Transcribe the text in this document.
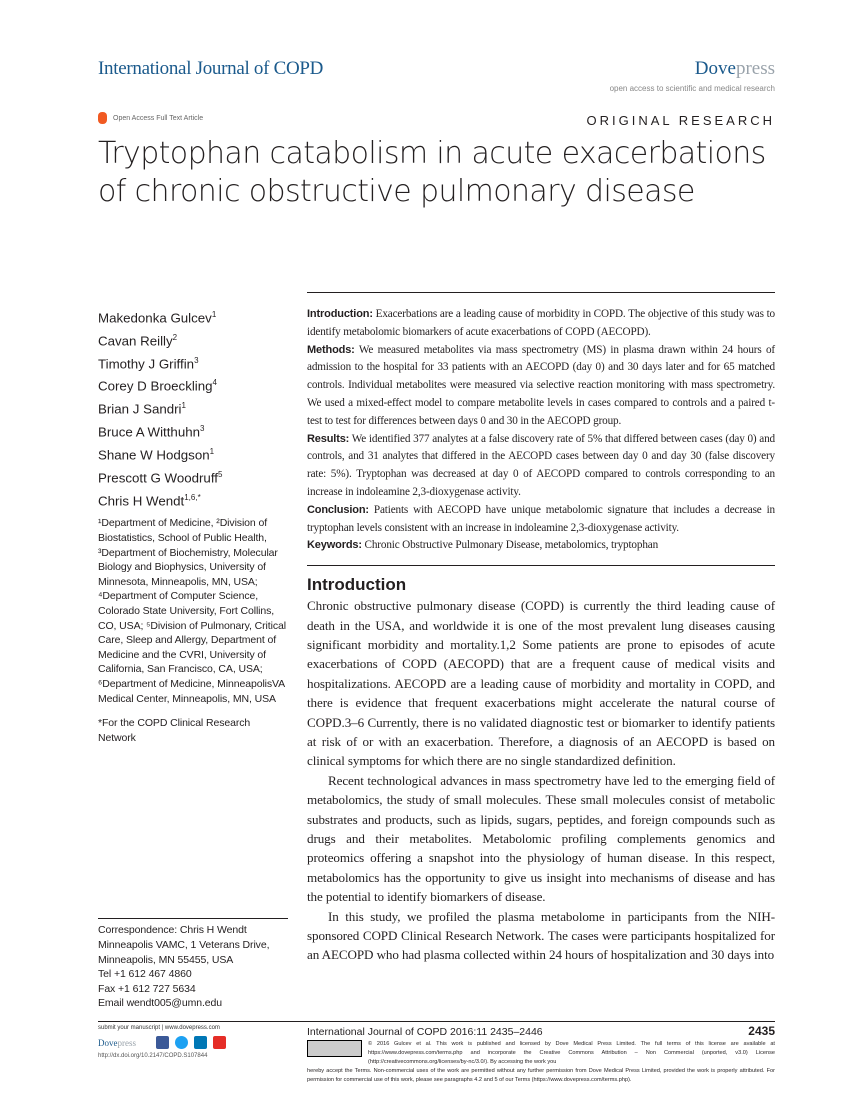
International Journal of COPD	Dovepress
open access to scientific and medical research
Open Access Full Text Article	ORIGINAL RESEARCH
Tryptophan catabolism in acute exacerbations of chronic obstructive pulmonary disease
Makedonka Gulcev$^1$
Cavan Reilly$^2$
Timothy J Griffin$^3$
Corey D Broeckling$^4$
Brian J Sandri$^1$
Bruce A Witthuhn$^3$
Shane W Hodgson$^1$
Prescott G Woodruff$^5$
Chris H Wendt$^{1,6,*}$
¹Department of Medicine, ²Division of Biostatistics, School of Public Health, ³Department of Biochemistry, Molecular Biology and Biophysics, University of Minnesota, Minneapolis, MN, USA; ⁴Department of Computer Science, Colorado State University, Fort Collins, CO, USA; ⁵Division of Pulmonary, Critical Care, Sleep and Allergy, Department of Medicine and the CVRI, University of California, San Francisco, CA, USA; ⁶Department of Medicine, MinneapolisVA Medical Center, Minneapolis, MN, USA
*For the COPD Clinical Research Network
Correspondence: Chris H Wendt
Minneapolis VAMC, 1 Veterans Drive,
Minneapolis, MN 55455, USA
Tel +1 612 467 4860
Fax +1 612 727 5634
Email wendt005@umn.edu

Introduction: Exacerbations are a leading cause of morbidity in COPD. The objective of this study was to identify metabolomic biomarkers of acute exacerbations of COPD (AECOPD).

Methods: We measured metabolites via mass spectrometry (MS) in plasma drawn within 24 hours of admission to the hospital for 33 patients with an AECOPD (day 0) and 30 days later and for 65 matched controls. Individual metabolites were measured via selective reaction monitoring with mass spectrometry. We used a mixed-effect model to compare metabolite levels in cases compared to controls and a paired t-test to test for differences between days 0 and 30 in the AECOPD group.

Results: We identified 377 analytes at a false discovery rate of 5% that differed between cases (day 0) and controls, and 31 analytes that differed in the AECOPD cases between day 0 and day 30 (false discovery rate: 5%). Tryptophan was decreased at day 0 of AECOPD compared to controls corresponding to an increase in indoleamine 2,3-dioxygenase activity.

Conclusion: Patients with AECOPD have unique metabolomic signature that includes a decrease in tryptophan levels consistent with an increase in indoleamine 2,3-dioxygenase activity.

Keywords: Chronic Obstructive Pulmonary Disease, metabolomics, tryptophan

Introduction

Chronic obstructive pulmonary disease (COPD) is currently the third leading cause of death in the USA, and worldwide it is one of the most prevalent lung diseases causing significant morbidity and mortality.1,2 Some patients are prone to episodes of acute exacerbations of COPD (AECOPD) that are a frequent cause of medical visits and hospitalizations. AECOPD are a leading cause of morbidity and mortality in COPD, and there is evidence that frequent exacerbations might accelerate the natural course of COPD.3–6 Currently, there is no validated diagnostic test or biomarker to identify patients at risk of or with an exacerbation. Therefore, a diagnosis of an AECOPD is based on clinical symptoms for which there are no single standardized definition.

Recent technological advances in mass spectrometry have led to the emerging field of metabolomics, the study of small molecules. These small molecules consist of metabolic substrates and products, such as lipids, sugars, peptides, and foreign compounds such as drugs and their metabolites. Metabolomic profiling complements genomics and proteomics offering a snapshot into the physiology of human disease. In this respect, metabolomics has the opportunity to give us insight into mechanisms of disease and has the potential to identify biomarkers of disease.

In this study, we profiled the plasma metabolome in participants from the NIH-sponsored COPD Clinical Research Network. The cases were participants hospitalized for an AECOPD who had plasma collected within 24 hours of hospitalization and 30 days into

submit your manuscript | www.dovepress.com
Dovepress
http://dx.doi.org/10.2147/COPD.S107844
International Journal of COPD 2016:11 2435–2446	2435
© 2016 Gulcev et al. This work is published and licensed by Dove Medical Press Limited. The full terms of this license are available at https://www.dovepress.com/terms.php and incorporate the Creative Commons Attribution – Non Commercial (unported, v3.0) License (http://creativecommons.org/licenses/by-nc/3.0/). By accessing the work you
hereby accept the Terms. Non-commercial uses of the work are permitted without any further permission from Dove Medical Press Limited, provided the work is properly attributed. For permission for commercial use of this work, please see paragraphs 4.2 and 5 of our Terms (https://www.dovepress.com/terms.php).
